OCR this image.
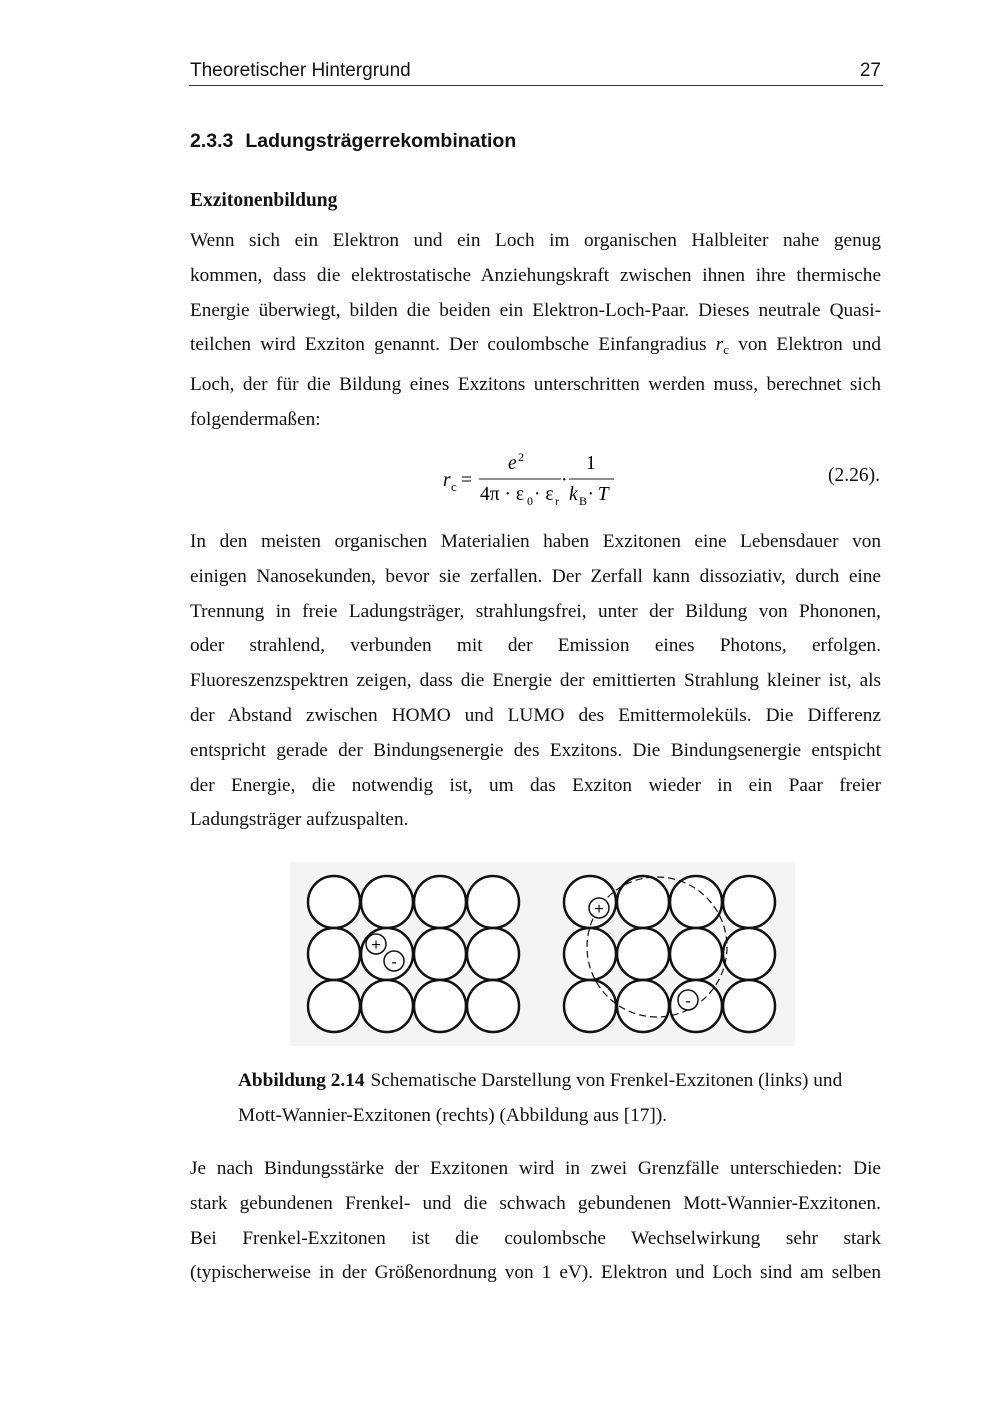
Theoretischer Hintergrund	27
2.3.3 Ladungsträgerrekombination
Exzitonenbildung
Wenn sich ein Elektron und ein Loch im organischen Halbleiter nahe genug
kommen, dass die elektrostatische Anziehungskraft zwischen ihnen ihre thermische
Energie überwiegt, bilden die beiden ein Elektron-Loch-Paar. Dieses neutrale Quasi-
teilchen wird Exziton genannt. Der coulombsche Einfangradius $r_c$ von Elektron und
Loch, der für die Bildung eines Exzitons unterschritten werden muss, berechnet sich
folgendermaßen:
r c =
e 2
4π · ε 0 · ε r
·
1
k B · T
(2.26).
In den meisten organischen Materialien haben Exzitonen eine Lebensdauer von
einigen Nanosekunden, bevor sie zerfallen. Der Zerfall kann dissoziativ, durch eine
Trennung in freie Ladungsträger, strahlungsfrei, unter der Bildung von Phononen,
oder strahlend, verbunden mit der Emission eines Photons, erfolgen.
Fluoreszenzspektren zeigen, dass die Energie der emittierten Strahlung kleiner ist, als
der Abstand zwischen HOMO und LUMO des Emittermoleküls. Die Differenz
entspricht gerade der Bindungsenergie des Exzitons. Die Bindungsenergie entspicht
der Energie, die notwendig ist, um das Exziton wieder in ein Paar freier
Ladungsträger aufzuspalten.
+
-
+
-
Abbildung 2.14 Schematische Darstellung von Frenkel-Exzitonen (links) und
Mott-Wannier-Exzitonen (rechts) (Abbildung aus [17]).
Je nach Bindungsstärke der Exzitonen wird in zwei Grenzfälle unterschieden: Die
stark gebundenen Frenkel- und die schwach gebundenen Mott-Wannier-Exzitonen.
Bei Frenkel-Exzitonen ist die coulombsche Wechselwirkung sehr stark
(typischerweise in der Größenordnung von 1 eV). Elektron und Loch sind am selben
